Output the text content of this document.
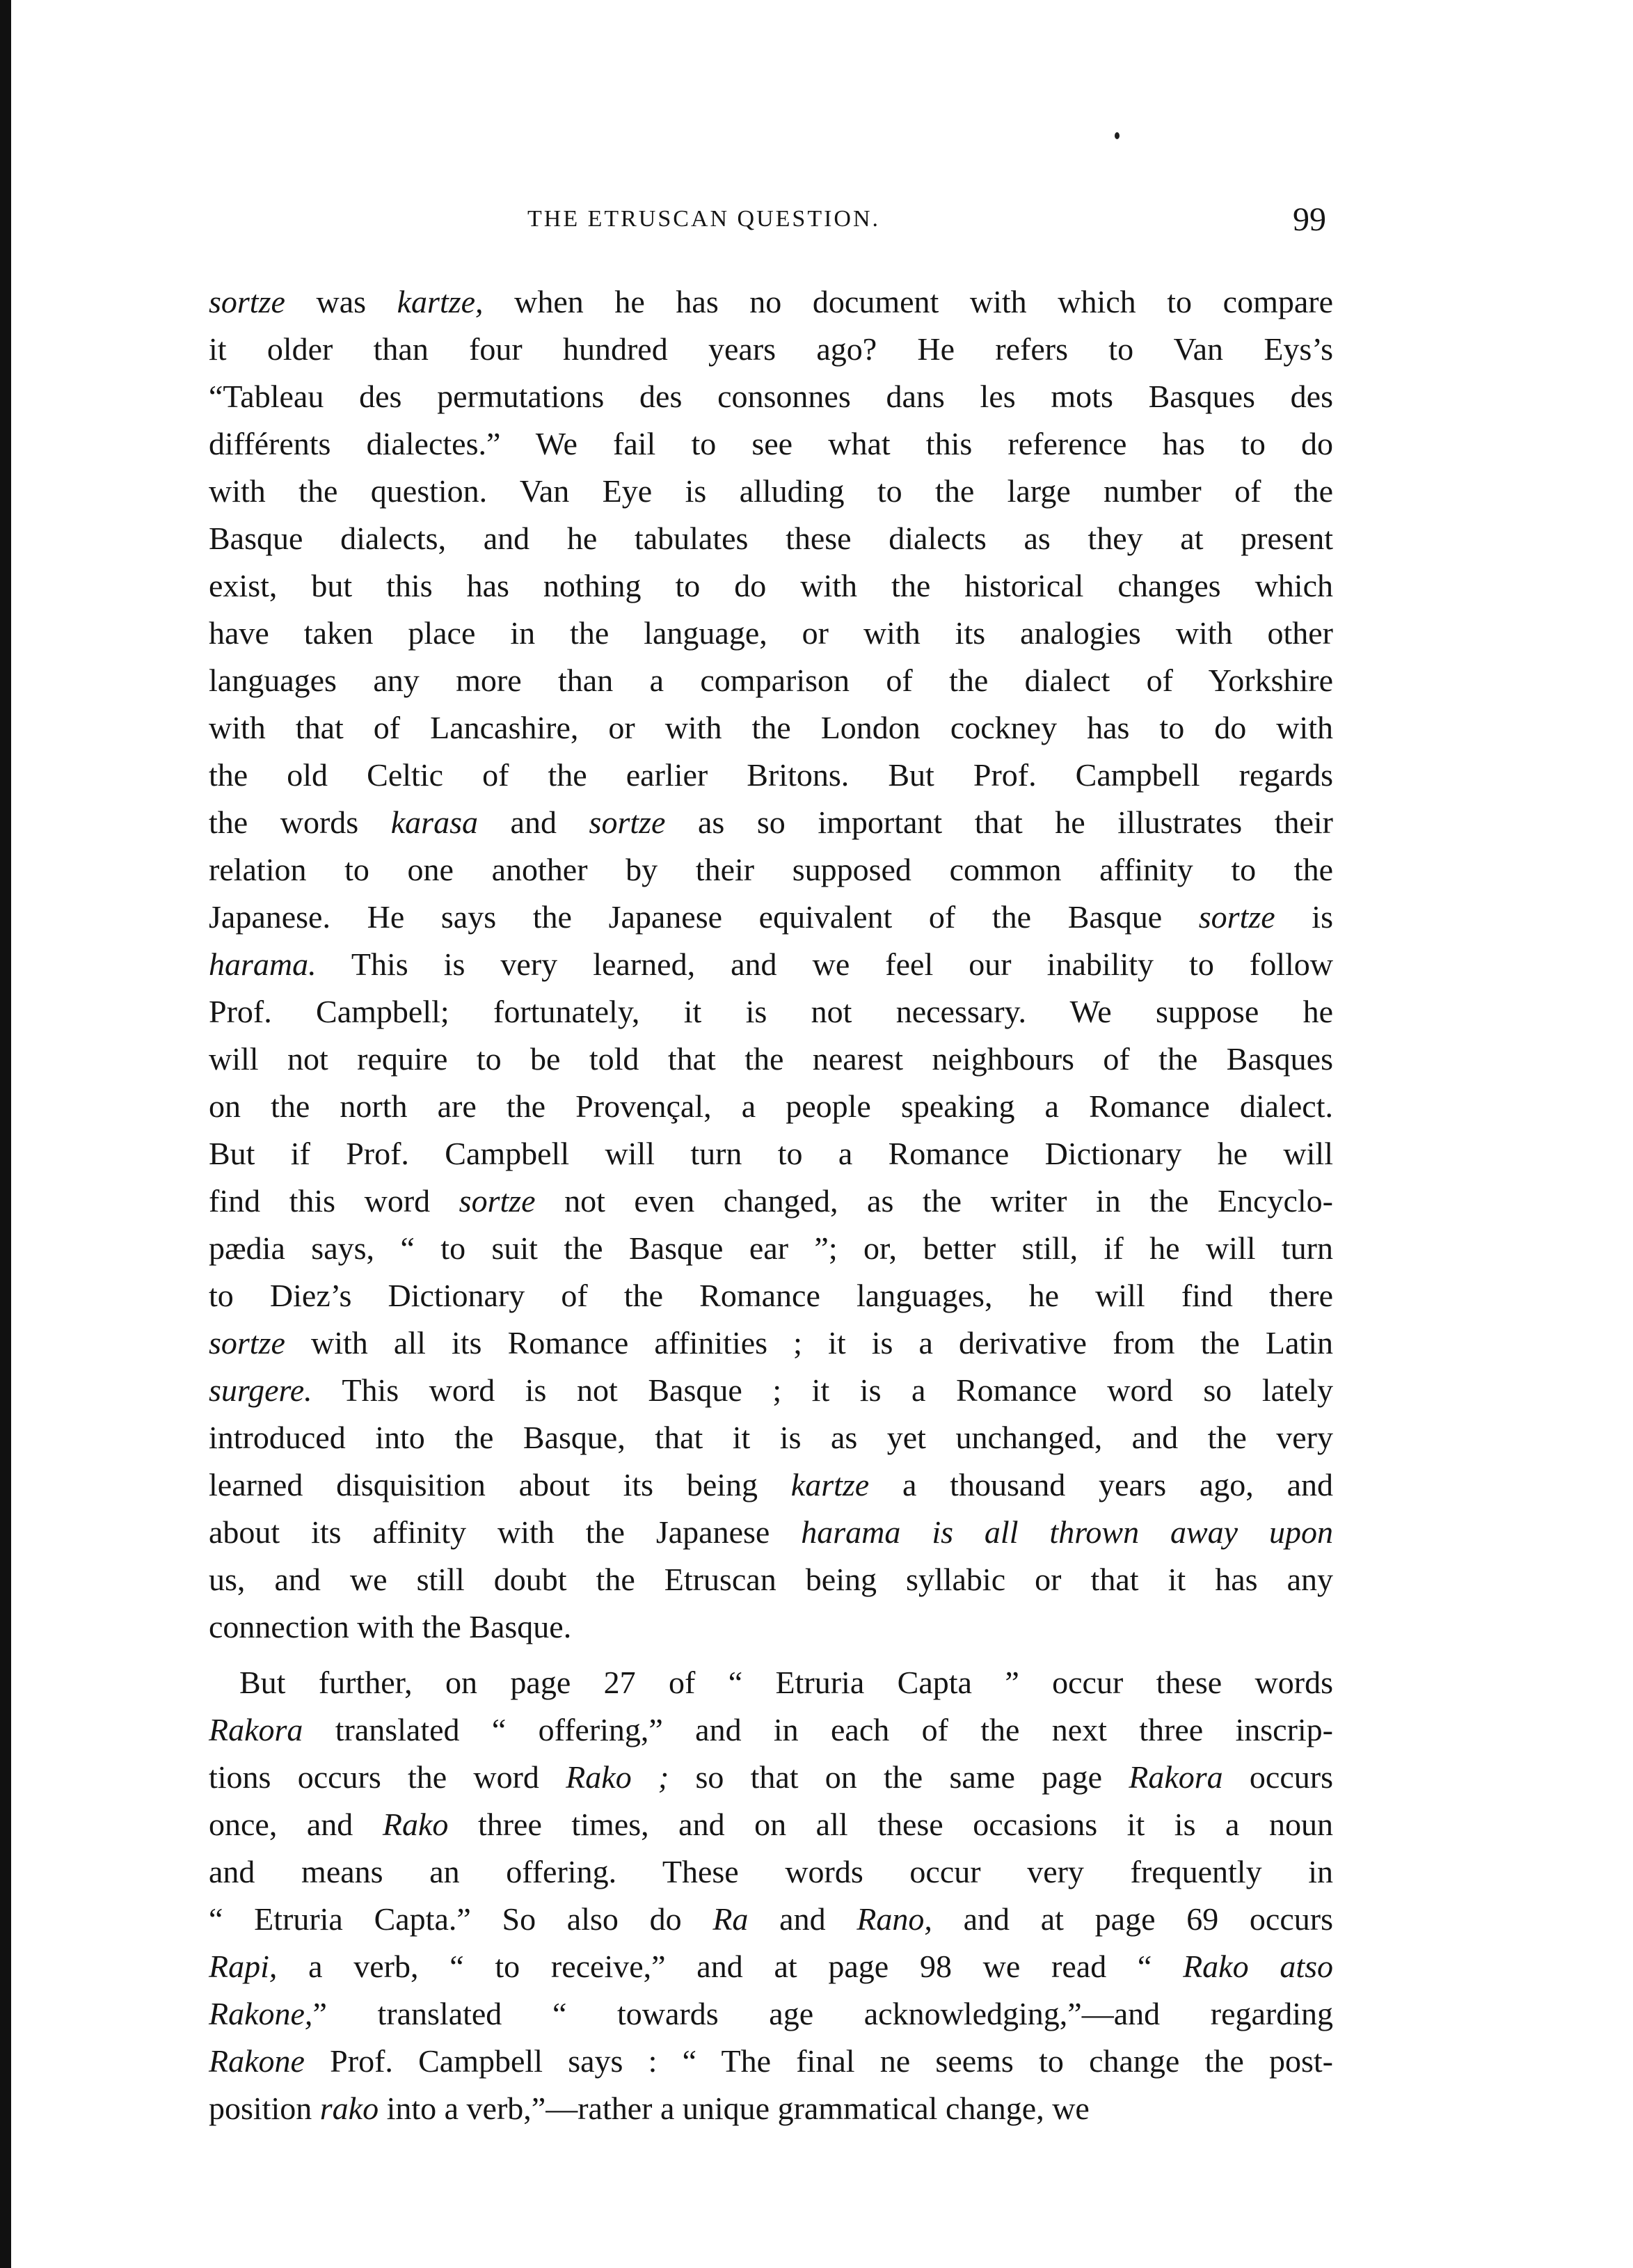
THE ETRUSCAN QUESTION.	99
sortze was kartze, when he has no document with which to compare
it older than four hundred years ago? He refers to Van Eys’s
“Tableau des permutations des consonnes dans les mots Basques des
différents dialectes.” We fail to see what this reference has to do
with the question. Van Eye is alluding to the large number of the
Basque dialects, and he tabulates these dialects as they at present
exist, but this has nothing to do with the historical changes which
have taken place in the language, or with its analogies with other
languages any more than a comparison of the dialect of Yorkshire
with that of Lancashire, or with the London cockney has to do with
the old Celtic of the earlier Britons. But Prof. Campbell regards
the words karasa and sortze as so important that he illustrates their
relation to one another by their supposed common affinity to the
Japanese. He says the Japanese equivalent of the Basque sortze is
harama. This is very learned, and we feel our inability to follow
Prof. Campbell; fortunately, it is not necessary. We suppose he
will not require to be told that the nearest neighbours of the Basques
on the north are the Provençal, a people speaking a Romance dialect.
But if Prof. Campbell will turn to a Romance Dictionary he will
find this word sortze not even changed, as the writer in the Encyclo-
pædia says, “ to suit the Basque ear ”; or, better still, if he will turn
to Diez’s Dictionary of the Romance languages, he will find there
sortze with all its Romance affinities ; it is a derivative from the Latin
surgere. This word is not Basque ; it is a Romance word so lately
introduced into the Basque, that it is as yet unchanged, and the very
learned disquisition about its being kartze a thousand years ago, and
about its affinity with the Japanese harama is all thrown away upon
us, and we still doubt the Etruscan being syllabic or that it has any
connection with the Basque.
But further, on page 27 of “ Etruria Capta ” occur these words
Rakora translated “ offering,” and in each of the next three inscrip-
tions occurs the word Rako ; so that on the same page Rakora occurs
once, and Rako three times, and on all these occasions it is a noun
and means an offering. These words occur very frequently in
“ Etruria Capta.” So also do Ra and Rano, and at page 69 occurs
Rapi, a verb, “ to receive,” and at page 98 we read “ Rako atso
Rakone,” translated “ towards age acknowledging,”—and regarding
Rakone Prof. Campbell says : “ The final ne seems to change the post-
position rako into a verb,”—rather a unique grammatical change, we
